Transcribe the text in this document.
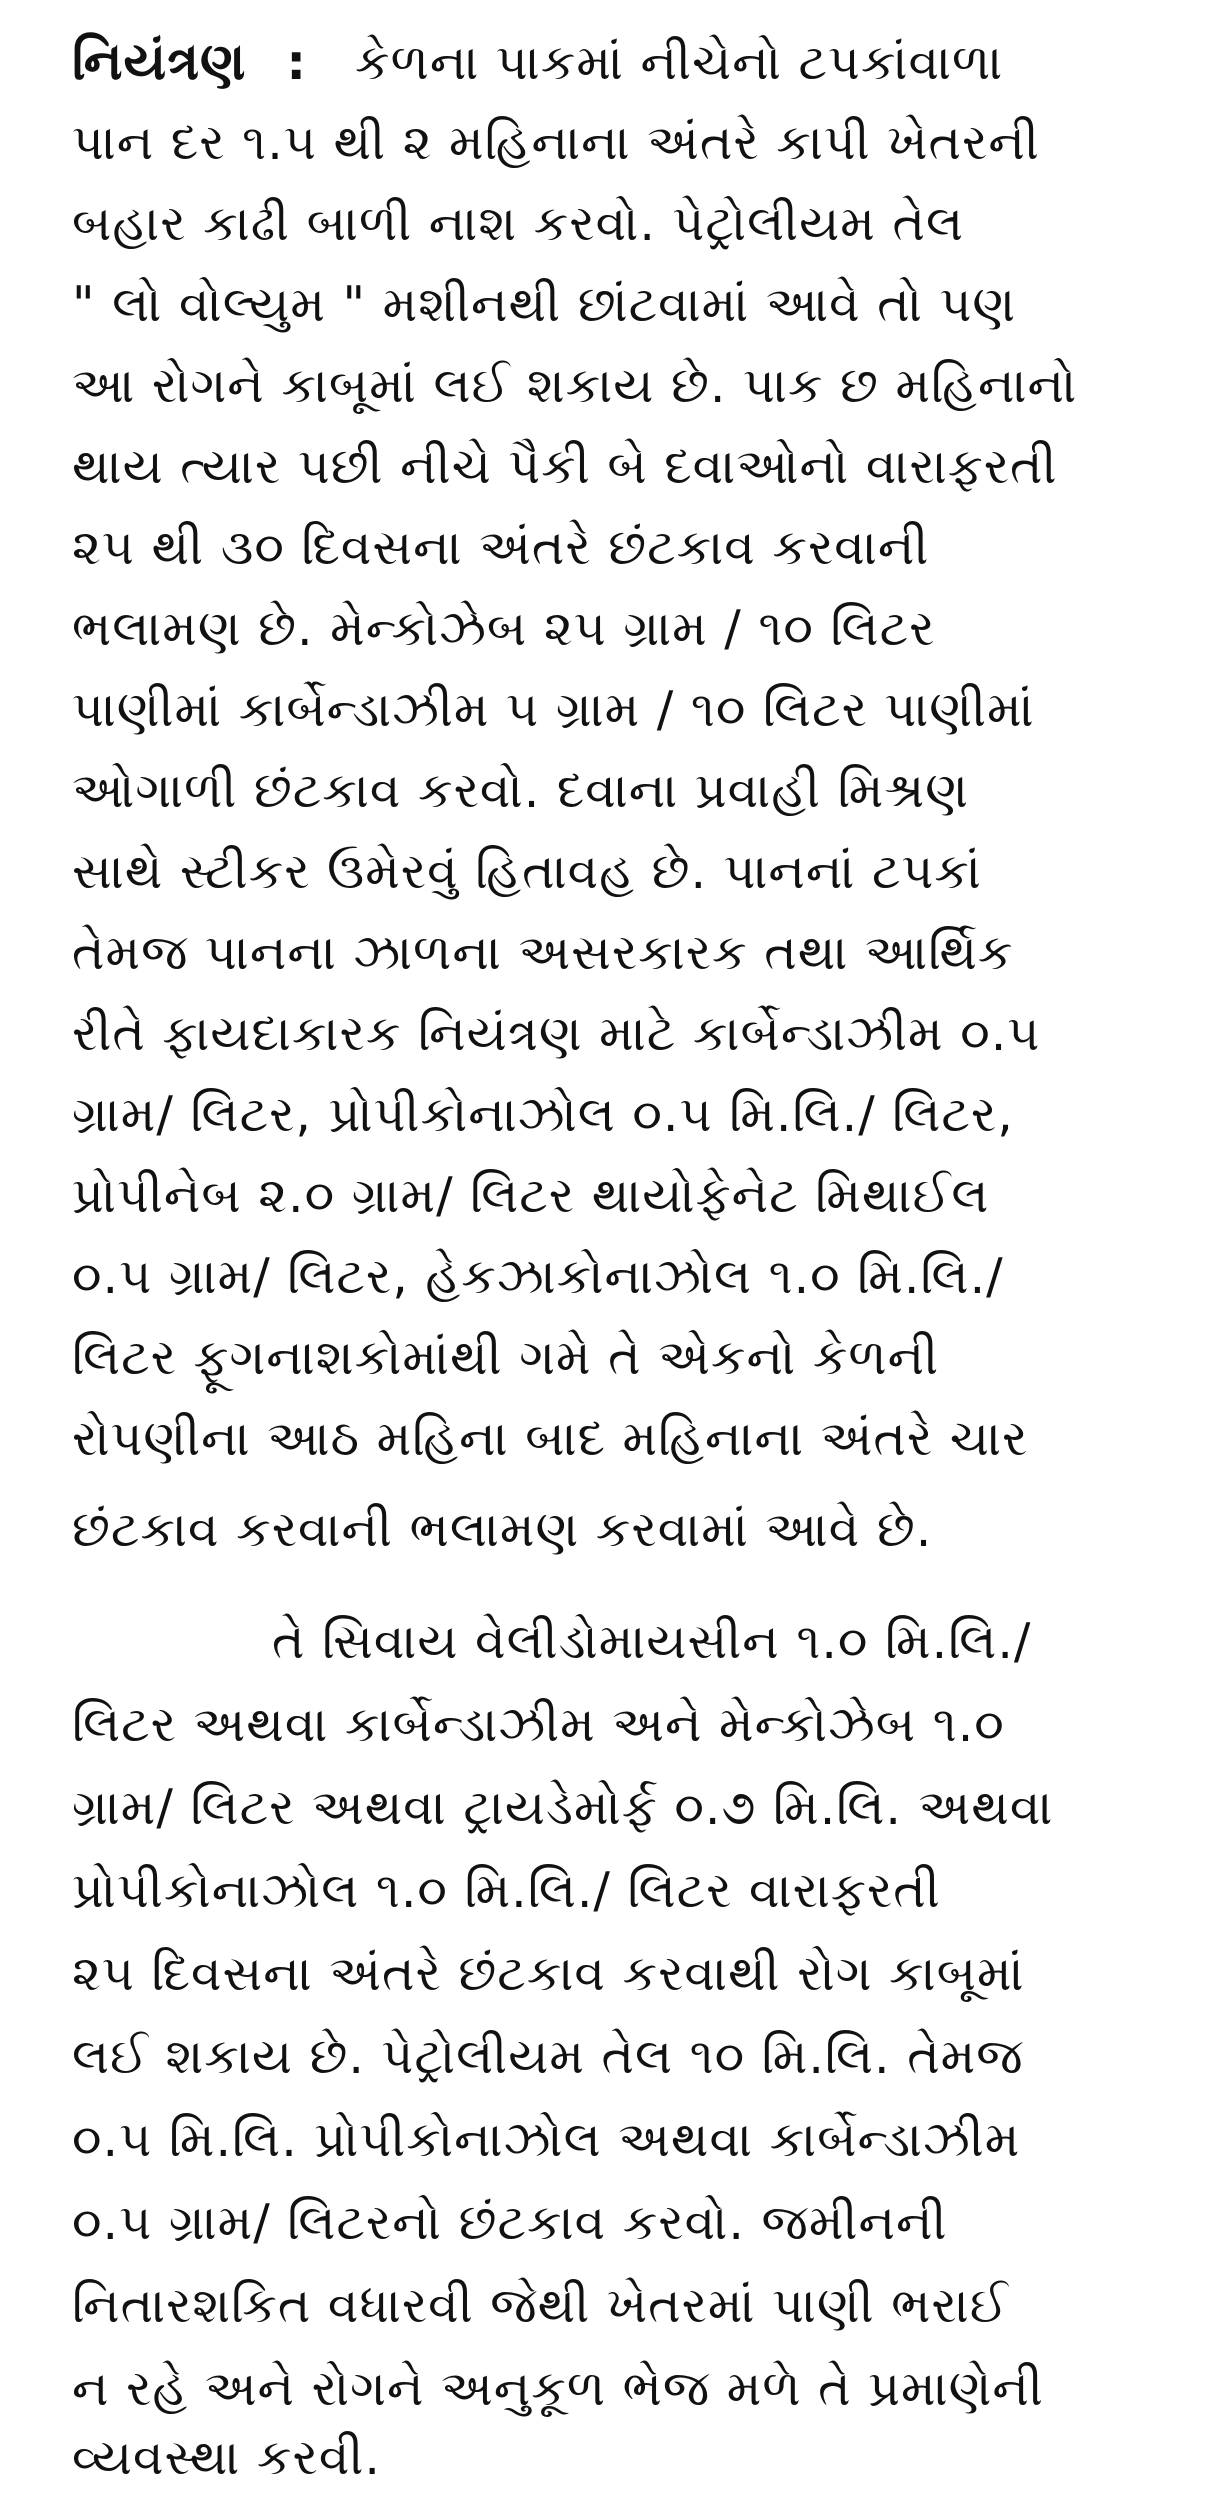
નિયંત્રણ : કેળના પાકમાં નીચેનો ટપકાંવાળા
પાન દર ૧.૫ થી ૨ મહિનાના અંતરે કાપી ખેતરની
બહાર કાઢી બાળી નાશ કરવો. પેટ્રોલીયમ તેલ
" લો વોલ્યુમ " મશીનથી છાંટવામાં આવે તો પણ
આ રોગને કાબૂમાં લઈ શકાય છે. પાક છ મહિનાનો
થાય ત્યાર પછી નીચે પૈકી બે દવાઓનો વારાફરતી
૨૫ થી ૩૦ દિવસના અંતરે છંટકાવ કરવાની
ભલામણ છે. મેન્કોઝેબ ૨૫ ગ્રામ / ૧૦ લિટર
પાણીમાં કાર્બેન્ડાઝીમ ૫ ગ્રામ / ૧૦ લિટર પાણીમાં
ઓગાળી છંટકાવ કરવો. દવાના પ્રવાહી મિશ્રણ
સાથે સ્ટીકર ઉમેરવું હિતાવહ છે. પાનનાં ટપકાં
તેમજ પાનના ઝાળના અસરકારક તથા આર્થિક
રીતે ફાયદાકારક નિયંત્રણ માટે કાર્બેન્ડાઝીમ ૦.૫
ગ્રામ/ લિટર, પ્રોપીકોનાઝોલ ૦.૫ મિ.લિ./ લિટર,
પ્રોપીનેબ ૨.૦ ગ્રામ/ લિટર થાયોફેનેટ મિથાઈલ
૦.૫ ગ્રામ/ લિટર, હેકઝાકોનાઝોલ ૧.૦ મિ.લિ./
લિટર ફૂગનાશકોમાંથી ગમે તે એકનો કેળની
રોપણીના આઠ મહિના બાદ મહિનાના અંતરે ચાર
છંટકાવ કરવાની ભલામણ કરવામાં આવે છે.
તે સિવાય વેલીડોમાયસીન ૧.૦ મિ.લિ./
લિટર અથવા કાર્બેન્ડાઝીમ અને મેન્કોઝેબ ૧.૦
ગ્રામ/ લિટર અથવા ટ્રાયડેમોર્ફ ૦.૭ મિ.લિ. અથવા
પ્રોપીકોનાઝોલ ૧.૦ મિ.લિ./ લિટર વારાફરતી
૨૫ દિવસના અંતરે છંટકાવ કરવાથી રોગ કાબૂમાં
લઈ શકાય છે. પેટ્રોલીયમ તેલ ૧૦ મિ.લિ. તેમજ
૦.૫ મિ.લિ. પ્રોપીકોનાઝોલ અથવા કાર્બેન્ડાઝીમ
૦.૫ ગ્રામ/ લિટરનો છંટકાવ કરવો. જમીનની
નિતારશકિત વધારવી જેથી ખેતરમાં પાણી ભરાઈ
ન રહે અને રોગને અનુકૂળ ભેજ મળે તે પ્રમાણેની
વ્યવસ્થા કરવી.
